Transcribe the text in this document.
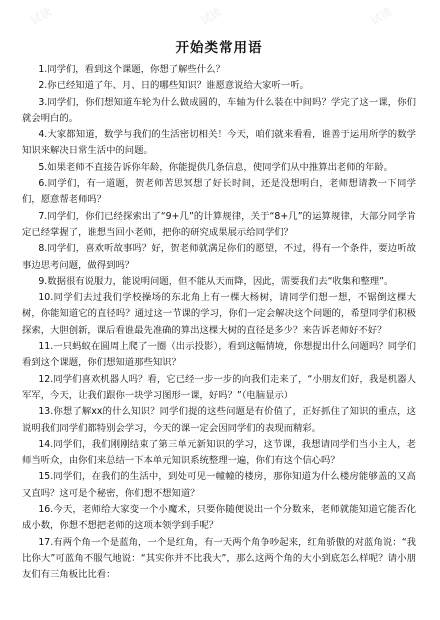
开始类常用语

1.同学们，看到这个课题，你想了解些什么？

2.你已经知道了年、月、日的哪些知识？谁愿意说给大家听一听。

3.同学们，你们想知道车轮为什么做成圆的，车轴为什么装在中间吗？学完了这一课，你们就会明白的。

4.大家都知道，数学与我们的生活密切相关！今天，咱们就来看看，谁善于运用所学的数学知识来解决日常生活中的问题。

5.如果老师不直接告诉你年龄，你能提供几条信息，使同学们从中推算出老师的年龄。

6.同学们，有一道题，贺老师苦思冥想了好长时间，还是没想明白，老师想请教一下同学们，愿意帮老师吗？

7.同学们，你们已经探索出了“9+几”的计算规律，关于“8+几”的运算规律，大部分同学肯定已经掌握了，谁想当回小老师，把你的研究成果展示给同学们？

8.同学们，喜欢听故事吗？好，贺老师就满足你们的愿望，不过，得有一个条件，要边听故事边思考问题，做得到吗？

9.数据很有说服力，能说明问题，但不能从天而降，因此，需要我们去“收集和整理”。

10.同学们去过我们学校操场的东北角上有一棵大杨树，请同学们想一想，不锯倒这棵大树，你能知道它的直径吗？通过这一节课的学习，你们一定会解决这个问题的，希望同学们积极探索，大胆创新，课后看谁最先准确的算出这棵大树的直径是多少？来告诉老师好不好？

11.一只蚂蚁在圆周上爬了一圈（出示投影），看到这幅情境，你想提出什么问题吗？同学们看到这个课题，你们想知道那些知识？

12.同学们喜欢机器人吗？看，它已经一步一步的向我们走来了，“小朋友们好，我是机器人军军，今天，让我们跟你一块学习图形一课，好吗？”（电脑显示）

13.你想了解xx的什么知识？同学们提的这些问题是有价值了，正好抓住了知识的重点，这说明我们同学们都特别会学习，今天的课一定会因同学们的表现而精彩。

14.同学们，我们刚刚结束了第三单元新知识的学习，这节课，我想请同学们当小主人，老师当听众，由你们来总结一下本单元知识系统整理一遍，你们有这个信心吗？

15.同学们，在我们的生活中，到处可见一幢幢的楼房，那你知道为什么楼房能够盖的又高又直吗？这可是个秘密，你们想不想知道？

16.今天，老师给大家变一个小魔术，只要你随便说出一个分数来，老师就能知道它能否化成小数，你想不想把老师的这项本领学到手呢？

17.有两个角一个是蓝角，一个是红角，有一天两个角争吵起来，红角骄傲的对蓝角说：“我比你大”可蓝角不服气地说：“其实你并不比我大”，那么这两个角的大小到底怎么样呢？请小朋友们有三角板比比看：

试读	试读	试读
